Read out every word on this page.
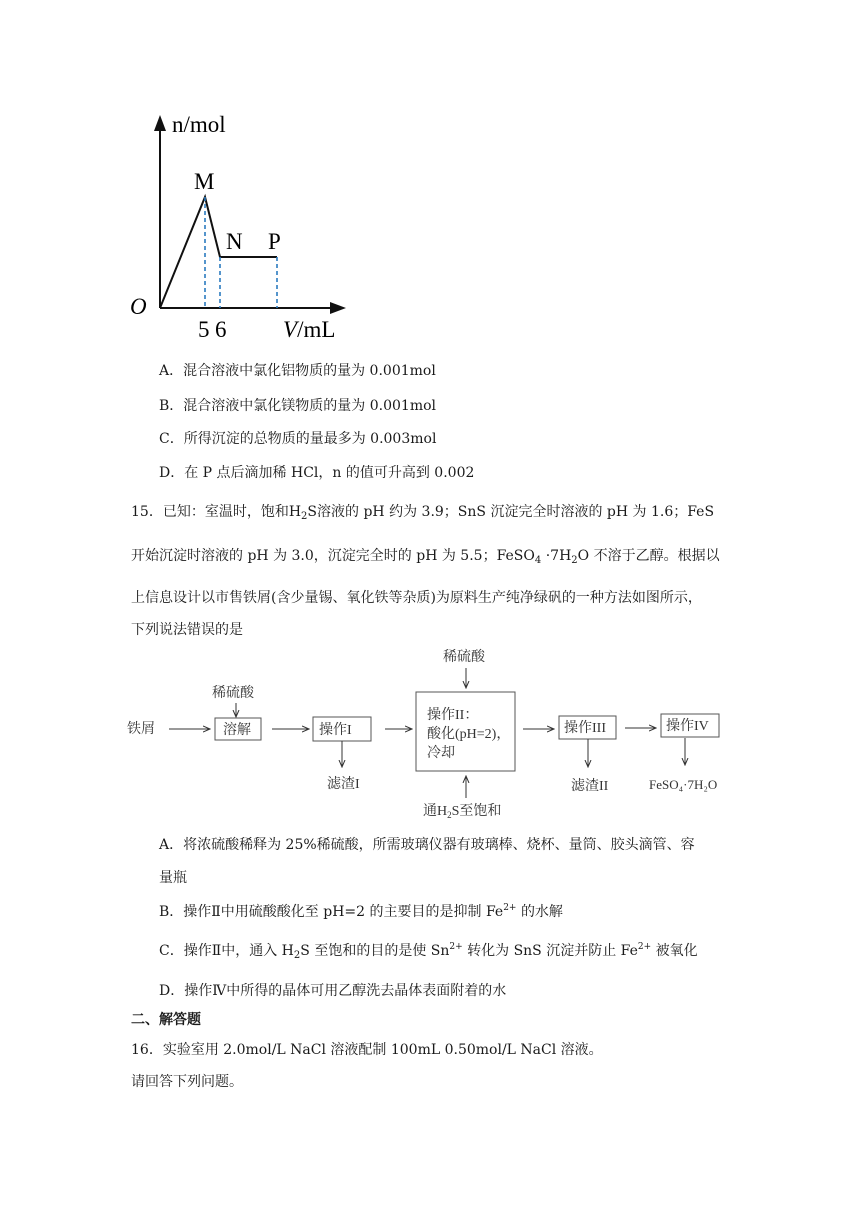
n/mol
M
N P
O
5 6 V/mL
A．混合溶液中氯化铝物质的量为 0.001mol
B．混合溶液中氯化镁物质的量为 0.001mol
C．所得沉淀的总物质的量最多为 0.003mol
D．在 P 点后滴加稀 HCl，n 的值可升高到 0.002
15．已知：室温时，饱和$H_2S$溶液的 pH 约为 3.9；SnS 沉淀完全时溶液的 pH 为 1.6；FeS
开始沉淀时溶液的 pH 为 3.0，沉淀完全时的 pH 为 5.5；FeSO$_4$ $\cdot 7H_2O$ 不溶于乙醇。根据以
上信息设计以市售铁屑(含少量锡、氧化铁等杂质)为原料生产纯净绿矾的一种方法如图所示，
下列说法错误的是
铁屑
稀硫酸
溶解	操作I
滤渣I
稀硫酸
操作II：
酸化(pH=2)，
冷却
通$H_2S$至饱和
操作III
滤渣II
操作IV
FeSO₄·7H₂O
A．将浓硫酸稀释为 25%稀硫酸，所需玻璃仪器有玻璃棒、烧杯、量筒、胶头滴管、容
量瓶
B．操作Ⅱ中用硫酸酸化至 pH=2 的主要目的是抑制 $Fe^{2+}$ 的水解
C．操作Ⅱ中，通入 $H_2S$ 至饱和的目的是使 $Sn^{2+}$ 转化为 SnS 沉淀并防止 $Fe^{2+}$ 被氧化
D．操作Ⅳ中所得的晶体可用乙醇洗去晶体表面附着的水
二、解答题
16．实验室用 2.0mol/L NaCl 溶液配制 100mL 0.50mol/L NaCl 溶液。
请回答下列问题。
